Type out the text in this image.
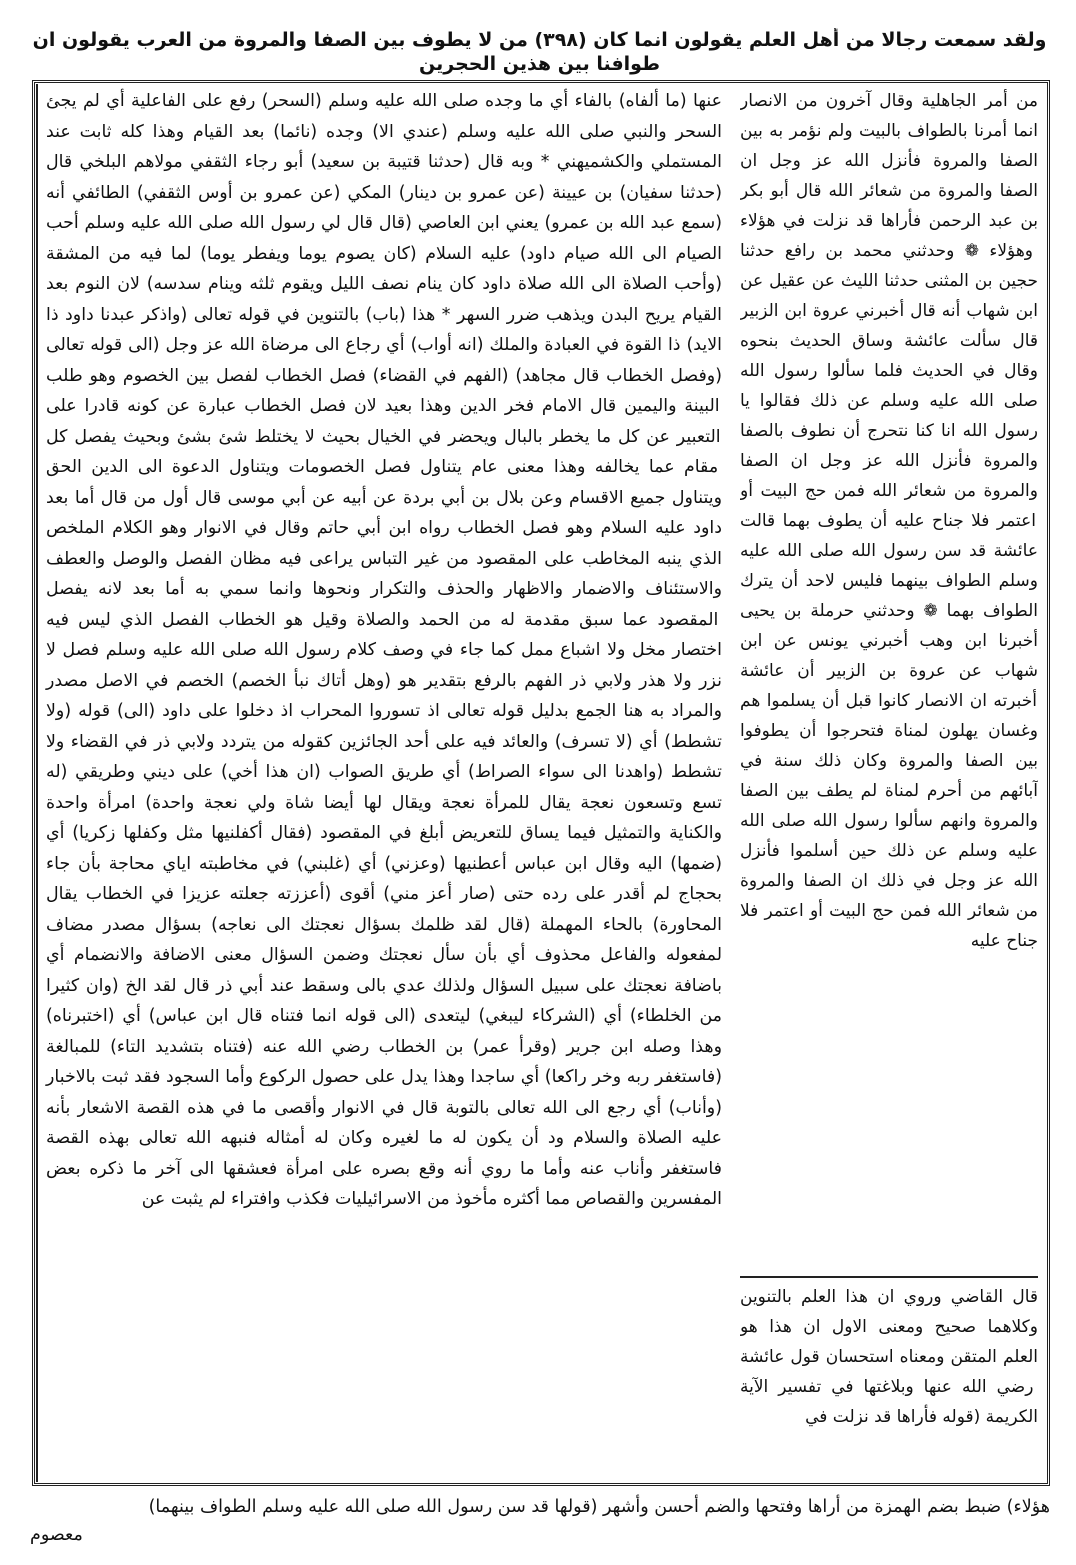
ولقد سمعت رجالا من أهل العلم يقولون انما كان (٣٩٨) من لا يطوف بين الصفا والمروة من العرب يقولون ان طوافنا بين هذين الحجرين
عنها (ما ألفاه) بالفاء أي ما وجده صلى الله عليه وسلم (السحر) رفع على الفاعلية أي لم يجئ السحر والنبي صلى الله عليه وسلم (عندي الا) وجده (نائما) بعد القيام وهذا كله ثابت عند المستملي والكشميهني * وبه قال (حدثنا قتيبة بن سعيد) أبو رجاء الثقفي مولاهم البلخي قال (حدثنا سفيان) بن عيينة (عن عمرو بن دينار) المكي (عن عمرو بن أوس الثقفي) الطائفي أنه (سمع عبد الله بن عمرو) يعني ابن العاصي (قال قال لي رسول الله صلى الله عليه وسلم أحب الصيام الى الله صيام داود) عليه السلام (كان يصوم يوما ويفطر يوما) لما فيه من المشقة (وأحب الصلاة الى الله صلاة داود كان ينام نصف الليل ويقوم ثلثه وينام سدسه) لان النوم بعد القيام يريح البدن ويذهب ضرر السهر * هذا (باب) بالتنوين في قوله تعالى (واذكر عبدنا داود ذا الايد) ذا القوة في العبادة والملك (انه أواب) أي رجاع الى مرضاة الله عز وجل (الى قوله تعالى (وفصل الخطاب قال مجاهد) (الفهم في القضاء) فصل الخطاب لفصل بين الخصوم وهو طلب البينة واليمين قال الامام فخر الدين وهذا بعيد لان فصل الخطاب عبارة عن كونه قادرا على التعبير عن كل ما يخطر بالبال ويحضر في الخيال بحيث لا يختلط شئ بشئ وبحيث يفصل كل مقام عما يخالفه وهذا معنى عام يتناول فصل الخصومات ويتناول الدعوة الى الدين الحق ويتناول جميع الاقسام وعن بلال بن أبي بردة عن أبيه عن أبي موسى قال أول من قال أما بعد داود عليه السلام وهو فصل الخطاب رواه ابن أبي حاتم وقال في الانوار وهو الكلام الملخص الذي ينبه المخاطب على المقصود من غير التباس يراعى فيه مظان الفصل والوصل والعطف والاستئناف والاضمار والاظهار والحذف والتكرار ونحوها وانما سمي به أما بعد لانه يفصل المقصود عما سبق مقدمة له من الحمد والصلاة وقيل هو الخطاب الفصل الذي ليس فيه اختصار مخل ولا اشباع ممل كما جاء في وصف كلام رسول الله صلى الله عليه وسلم فصل لا نزر ولا هذر ولابي ذر الفهم بالرفع بتقدير هو (وهل أتاك نبأ الخصم) الخصم في الاصل مصدر والمراد به هنا الجمع بدليل قوله تعالى اذ تسوروا المحراب اذ دخلوا على داود (الى) قوله (ولا تشطط) أي (لا تسرف) والعائد فيه على أحد الجائزين كقوله من يتردد ولابي ذر في القضاء ولا تشطط (واهدنا الى سواء الصراط) أي طريق الصواب (ان هذا أخي) على ديني وطريقي (له تسع وتسعون نعجة يقال للمرأة نعجة ويقال لها أيضا شاة ولي نعجة واحدة) امرأة واحدة والكناية والتمثيل فيما يساق للتعريض أبلغ في المقصود (فقال أكفلنيها مثل وكفلها زكريا) أي (ضمها) اليه وقال ابن عباس أعطنيها (وعزني) أي (غلبني) في مخاطبته اياي محاجة بأن جاء بحجاج لم أقدر على رده حتى (صار أعز مني) أقوى (أعززته جعلته عزيزا في الخطاب يقال المحاورة) بالحاء المهملة (قال لقد ظلمك بسؤال نعجتك الى نعاجه) بسؤال مصدر مضاف لمفعوله والفاعل محذوف أي بأن سأل نعجتك وضمن السؤال معنى الاضافة والانضمام أي باضافة نعجتك على سبيل السؤال ولذلك عدي بالى وسقط عند أبي ذر قال لقد الخ (وان كثيرا من الخلطاء) أي (الشركاء ليبغي) ليتعدى (الى قوله انما فتناه قال ابن عباس) أي (اختبرناه) وهذا وصله ابن جرير (وقرأ عمر) بن الخطاب رضي الله عنه (فتناه بتشديد التاء) للمبالغة (فاستغفر ربه وخر راكعا) أي ساجدا وهذا يدل على حصول الركوع وأما السجود فقد ثبت بالاخبار (وأناب) أي رجع الى الله تعالى بالتوبة قال في الانوار وأقصى ما في هذه القصة الاشعار بأنه عليه الصلاة والسلام ود أن يكون له ما لغيره وكان له أمثاله فنبهه الله تعالى بهذه القصة فاستغفر وأناب عنه وأما ما روي أنه وقع بصره على امرأة فعشقها الى آخر ما ذكره بعض المفسرين والقصاص مما أكثره مأخوذ من الاسرائيليات فكذب وافتراء لم يثبت عن
من أمر الجاهلية وقال آخرون من الانصار انما أمرنا بالطواف بالبيت ولم نؤمر به بين الصفا والمروة فأنزل الله عز وجل ان الصفا والمروة من شعائر الله قال أبو بكر بن عبد الرحمن فأراها قد نزلت في هؤلاء وهؤلاء ❁ وحدثني محمد بن رافع حدثنا حجين بن المثنى حدثنا الليث عن عقيل عن ابن شهاب أنه قال أخبرني عروة ابن الزبير قال سألت عائشة وساق الحديث بنحوه وقال في الحديث فلما سألوا رسول الله صلى الله عليه وسلم عن ذلك فقالوا يا رسول الله انا كنا نتحرج أن نطوف بالصفا والمروة فأنزل الله عز وجل ان الصفا والمروة من شعائر الله فمن حج البيت أو اعتمر فلا جناح عليه أن يطوف بهما قالت عائشة قد سن رسول الله صلى الله عليه وسلم الطواف بينهما فليس لاحد أن يترك الطواف بهما ❁ وحدثني حرملة بن يحيى أخبرنا ابن وهب أخبرني يونس عن ابن شهاب عن عروة بن الزبير أن عائشة أخبرته ان الانصار كانوا قبل أن يسلموا هم وغسان يهلون لمناة فتحرجوا أن يطوفوا بين الصفا والمروة وكان ذلك سنة في آبائهم من أحرم لمناة لم يطف بين الصفا والمروة وانهم سألوا رسول الله صلى الله عليه وسلم عن ذلك حين أسلموا فأنزل الله عز وجل في ذلك ان الصفا والمروة من شعائر الله فمن حج البيت أو اعتمر فلا جناح عليه
قال القاضي وروي ان هذا العلم بالتنوين وكلاهما صحيح ومعنى الاول ان هذا هو العلم المتقن ومعناه استحسان قول عائشة رضي الله عنها وبلاغتها في تفسير الآية الكريمة (قوله فأراها قد نزلت في
هؤلاء) ضبط بضم الهمزة من أراها وفتحها والضم أحسن وأشهر (قولها قد سن رسول الله صلى الله عليه وسلم الطواف بينهما)
معصوم
